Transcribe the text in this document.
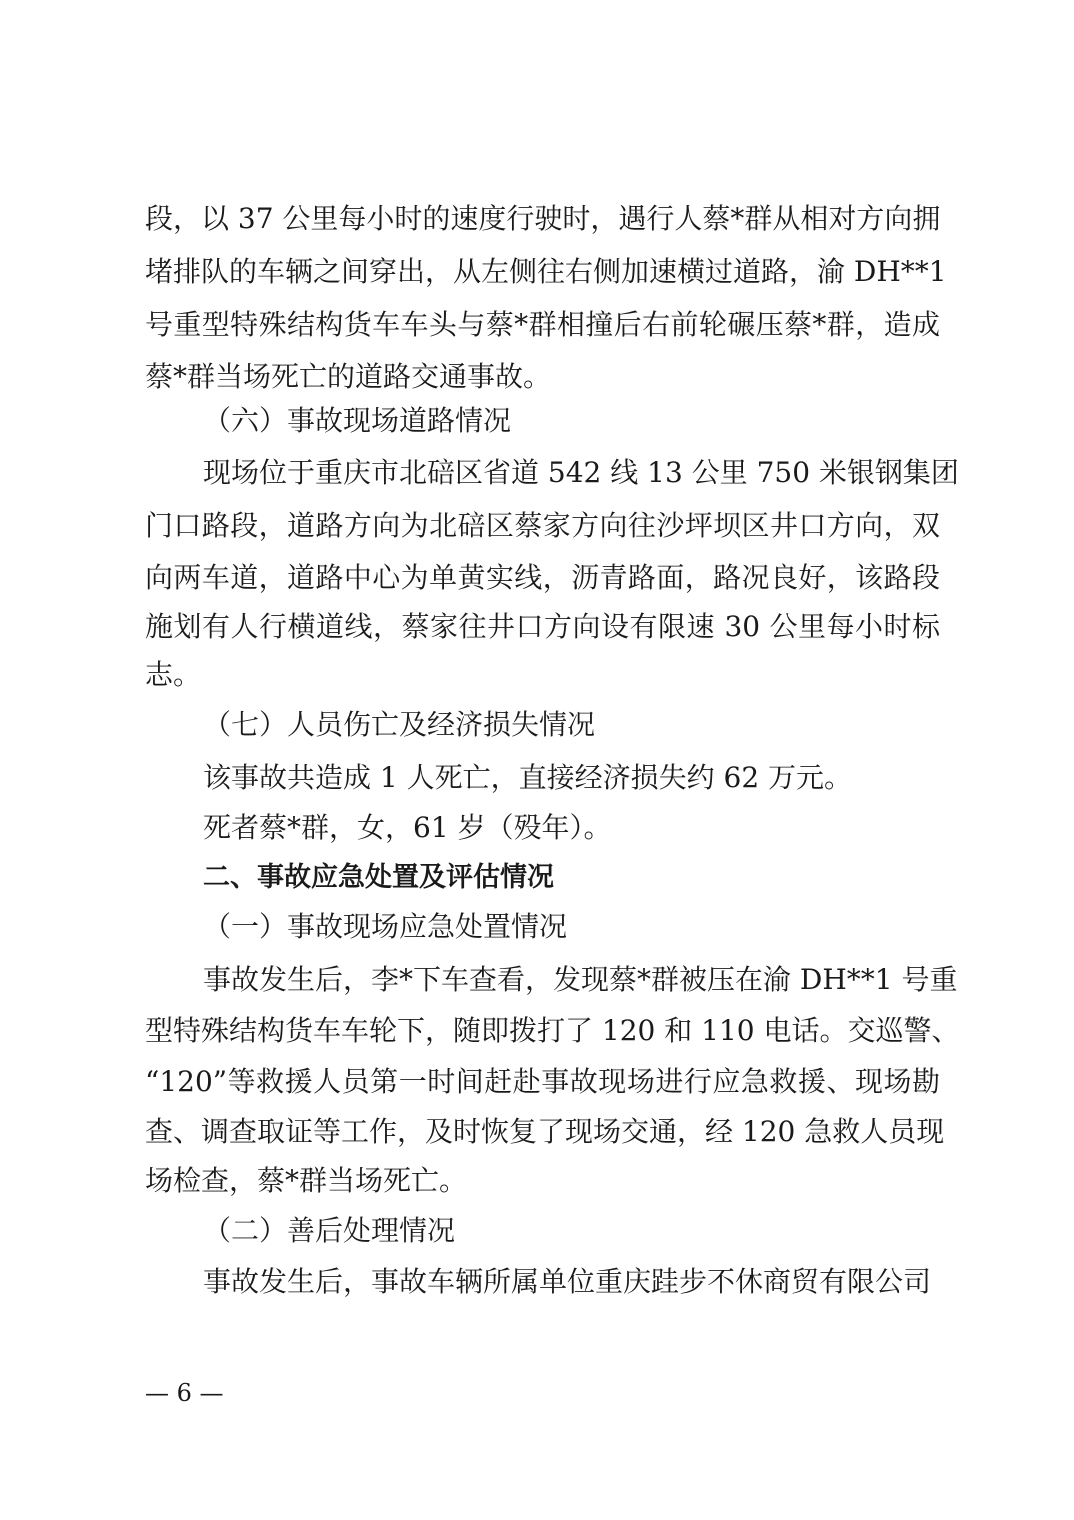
段，以 37 公里每小时的速度行驶时，遇行人蔡*群从相对方向拥
堵排队的车辆之间穿出，从左侧往右侧加速横过道路，渝 DH**1
号重型特殊结构货车车头与蔡*群相撞后右前轮碾压蔡*群，造成
蔡*群当场死亡的道路交通事故。
（六）事故现场道路情况
现场位于重庆市北碚区省道 542 线 13 公里 750 米银钢集团
门口路段，道路方向为北碚区蔡家方向往沙坪坝区井口方向，双
向两车道，道路中心为单黄实线，沥青路面，路况良好，该路段
施划有人行横道线，蔡家往井口方向设有限速 30 公里每小时标
志。
（七）人员伤亡及经济损失情况
该事故共造成 1 人死亡，直接经济损失约 62 万元。
死者蔡*群，女，61 岁（殁年）。
二、事故应急处置及评估情况
（一）事故现场应急处置情况
事故发生后，李*下车查看，发现蔡*群被压在渝 DH**1 号重
型特殊结构货车车轮下，随即拨打了 120 和 110 电话。交巡警、
“120”等救援人员第一时间赶赴事故现场进行应急救援、现场勘
查、调查取证等工作，及时恢复了现场交通，经 120 急救人员现
场检查，蔡*群当场死亡。
（二）善后处理情况
事故发生后，事故车辆所属单位重庆跬步不休商贸有限公司
— 6 —
